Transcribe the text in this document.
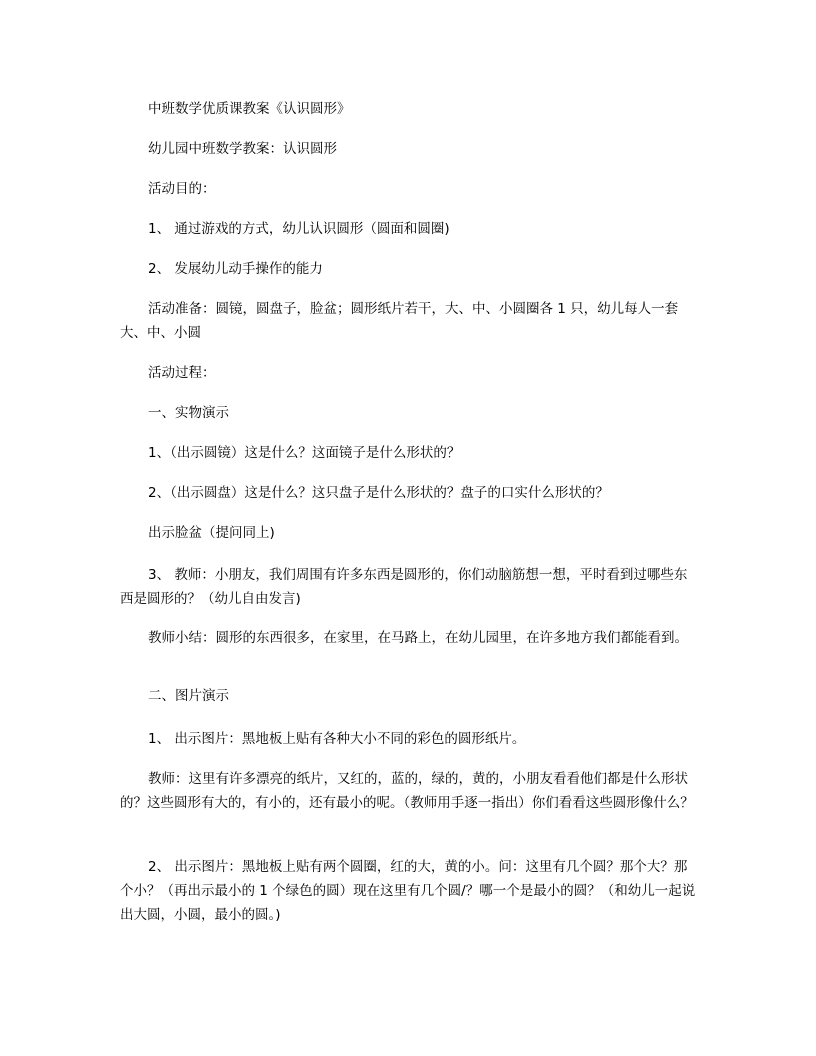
中班数学优质课教案《认识圆形》

幼儿园中班数学教案：认识圆形

活动目的：

1、 通过游戏的方式，幼儿认识圆形（圆面和圆圈)

2、 发展幼儿动手操作的能力

活动准备：圆镜，圆盘子，脸盆；圆形纸片若干，大、中、小圆圈各 1 只，幼儿每人一套大、中、小圆

活动过程：

一、实物演示

1、（出示圆镜）这是什么？这面镜子是什么形状的？

2、（出示圆盘）这是什么？这只盘子是什么形状的？盘子的口实什么形状的？

出示脸盆（提问同上)

3、 教师：小朋友，我们周围有许多东西是圆形的，你们动脑筋想一想，平时看到过哪些东西是圆形的？（幼儿自由发言)

教师小结：圆形的东西很多，在家里，在马路上，在幼儿园里，在许多地方我们都能看到。

二、图片演示

1、 出示图片：黑地板上贴有各种大小不同的彩色的圆形纸片。

教师：这里有许多漂亮的纸片，又红的，蓝的，绿的，黄的，小朋友看看他们都是什么形状的？这些圆形有大的，有小的，还有最小的呢。（教师用手逐一指出）你们看看这些圆形像什么？

2、 出示图片：黑地板上贴有两个圆圈，红的大，黄的小。问：这里有几个圆？那个大？那个小？（再出示最小的 1 个绿色的圆）现在这里有几个圆/？哪一个是最小的圆？（和幼儿一起说出大圆，小圆，最小的圆。)
